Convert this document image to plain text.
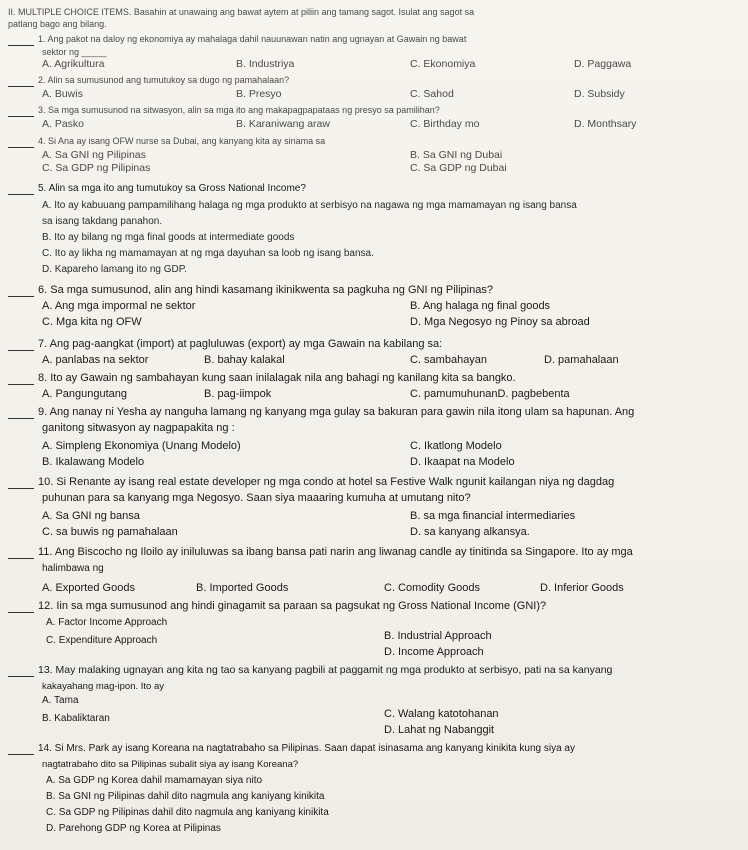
II. MULTIPLE CHOICE ITEMS. Basahin at unawaing ang bawat aytem at piliin ang tamang sagot. Isulat ang sagot sa
patlang bago ang bilang.
1. Ang pakot na daloy ng ekonomiya ay mahalaga dahil nauunawan natin ang ugnayan at Gawain ng bawat
sektor ng _____
A. Agrikultura	B. Industriya	C. Ekonomiya	D. Paggawa
2. Alin sa sumusunod ang tumutukoy sa dugo ng pamahalaan?
A. Buwis	B. Presyo	C. Sahod	D. Subsidy
3. Sa mga sumusunod na sitwasyon, alin sa mga ito ang makapagpapataas ng presyo sa pamilihan?
A. Pasko	B. Karaniwang araw	C. Birthday mo	D. Monthsary
4. Si Ana ay isang OFW nurse sa Dubai, ang kanyang kita ay sinama sa
A. Sa GNI ng Pilipinas	B. Sa GNI ng Dubai
C. Sa GDP ng Pilipinas	C. Sa GDP ng Dubai
5. Alin sa mga ito ang tumutukoy sa Gross National Income?
A. Ito ay kabuuang pampamilihang halaga ng mga produkto at serbisyo na nagawa ng mga mamamayan ng isang bansa
sa isang takdang panahon.
B. Ito ay bilang ng mga final goods at intermediate goods
C. Ito ay likha ng mamamayan at ng mga dayuhan sa loob ng isang bansa.
D. Kapareho lamang ito ng GDP.
6. Sa mga sumusunod, alin ang hindi kasamang ikinikwenta sa pagkuha ng GNI ng Pilipinas?
A. Ang mga impormal ne sektor	B. Ang halaga ng final goods
C. Mga kita ng OFW	D. Mga Negosyo ng Pinoy sa abroad
7. Ang pag-aangkat (import) at pagluluwas (export) ay mga Gawain na kabilang sa:
A. panlabas na sektor	B. bahay kalakal	C. sambahayan	D. pamahalaan
8. Ito ay Gawain ng sambahayan kung saan inilalagak nila ang bahagi ng kanilang kita sa bangko.
A. Pangungutang	B. pag-iimpok	C. pamumuhunanD. pagbebenta
9. Ang nanay ni Yesha ay nanguha lamang ng kanyang mga gulay sa bakuran para gawin nila itong ulam sa hapunan. Ang
ganitong sitwasyon ay nagpapakita ng :
A. Simpleng Ekonomiya (Unang Modelo)	C. Ikatlong Modelo
B. Ikalawang Modelo	D. Ikaapat na Modelo
10. Si Renante ay isang real estate developer ng mga condo at hotel sa Festive Walk ngunit kailangan niya ng dagdag
puhunan para sa kanyang mga Negosyo. Saan siya maaaring kumuha at umutang nito?
A. Sa GNI ng bansa	B. sa mga financial intermediaries
C. sa buwis ng pamahalaan	D. sa kanyang alkansya.
11. Ang Biscocho ng Iloilo ay iniluluwas sa ibang bansa pati narin ang liwanag candle ay tinitinda sa Singapore. Ito ay mga
halimbawa ng
A. Exported Goods	B. Imported Goods	C. Comodity Goods	D. Inferior Goods
12. Iin sa mga sumusunod ang hindi ginagamit sa paraan sa pagsukat ng Gross National Income (GNI)?
A. Factor Income Approach
B. Industrial Approach
C. Expenditure Approach
D. Income Approach
13. May malaking ugnayan ang kita ng tao sa kanyang pagbili at paggamit ng mga produkto at serbisyo, pati na sa kanyang
kakayahang mag-ipon. Ito ay
A. Tama
B. Kabaliktaran	C. Walang katotohanan
D. Lahat ng Nabanggit
14. Si Mrs. Park ay isang Koreana na nagtatrabaho sa Pilipinas. Saan dapat isinasama ang kanyang kinikita kung siya ay
nagtatrabaho dito sa Pilipinas subalit siya ay isang Koreana?
A. Sa GDP ng Korea dahil mamamayan siya nito
B. Sa GNI ng Pilipinas dahil dito nagmula ang kaniyang kinikita
C. Sa GDP ng Pilipinas dahil dito nagmula ang kaniyang kinikita
D. Parehong GDP ng Korea at Pilipinas
